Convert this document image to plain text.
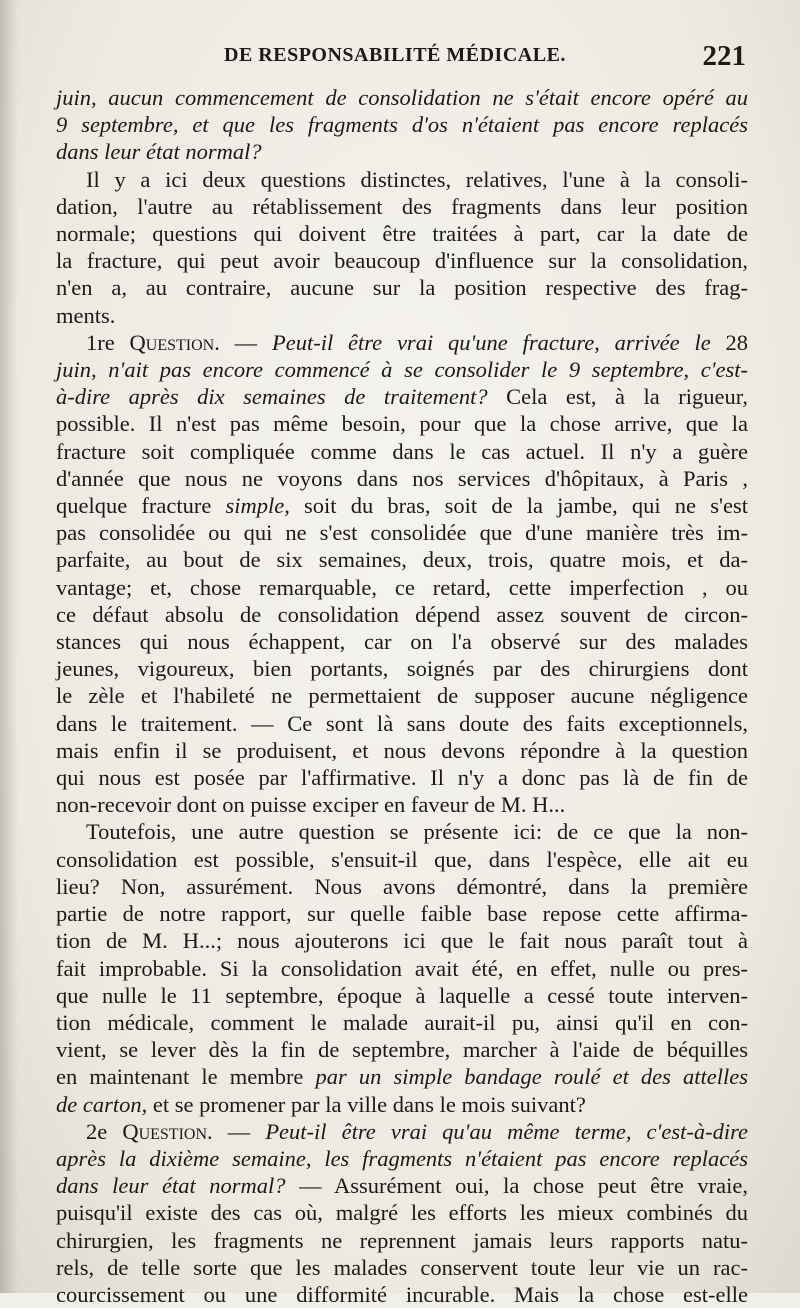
DE RESPONSABILITÉ MÉDICALE.	221
juin, aucun commencement de consolidation ne s'était encore opéré au
9 septembre, et que les fragments d'os n'étaient pas encore replacés
dans leur état normal?
Il y a ici deux questions distinctes, relatives, l'une à la consoli-
dation, l'autre au rétablissement des fragments dans leur position
normale; questions qui doivent être traitées à part, car la date de
la fracture, qui peut avoir beaucoup d'influence sur la consolidation,
n'en a, au contraire, aucune sur la position respective des frag-
ments.
1re Question. — Peut-il être vrai qu'une fracture, arrivée le 28
juin, n'ait pas encore commencé à se consolider le 9 septembre, c'est-
à-dire après dix semaines de traitement? Cela est, à la rigueur,
possible. Il n'est pas même besoin, pour que la chose arrive, que la
fracture soit compliquée comme dans le cas actuel. Il n'y a guère
d'année que nous ne voyons dans nos services d'hôpitaux, à Paris ,
quelque fracture simple, soit du bras, soit de la jambe, qui ne s'est
pas consolidée ou qui ne s'est consolidée que d'une manière très im-
parfaite, au bout de six semaines, deux, trois, quatre mois, et da-
vantage; et, chose remarquable, ce retard, cette imperfection , ou
ce défaut absolu de consolidation dépend assez souvent de circon-
stances qui nous échappent, car on l'a observé sur des malades
jeunes, vigoureux, bien portants, soignés par des chirurgiens dont
le zèle et l'habileté ne permettaient de supposer aucune négligence
dans le traitement. — Ce sont là sans doute des faits exceptionnels,
mais enfin il se produisent, et nous devons répondre à la question
qui nous est posée par l'affirmative. Il n'y a donc pas là de fin de
non-recevoir dont on puisse exciper en faveur de M. H...
Toutefois, une autre question se présente ici: de ce que la non-
consolidation est possible, s'ensuit-il que, dans l'espèce, elle ait eu
lieu? Non, assurément. Nous avons démontré, dans la première
partie de notre rapport, sur quelle faible base repose cette affirma-
tion de M. H...; nous ajouterons ici que le fait nous paraît tout à
fait improbable. Si la consolidation avait été, en effet, nulle ou pres-
que nulle le 11 septembre, époque à laquelle a cessé toute interven-
tion médicale, comment le malade aurait-il pu, ainsi qu'il en con-
vient, se lever dès la fin de septembre, marcher à l'aide de béquilles
en maintenant le membre par un simple bandage roulé et des attelles
de carton, et se promener par la ville dans le mois suivant?
2e Question. — Peut-il être vrai qu'au même terme, c'est-à-dire
après la dixième semaine, les fragments n'étaient pas encore replacés
dans leur état normal? — Assurément oui, la chose peut être vraie,
puisqu'il existe des cas où, malgré les efforts les mieux combinés du
chirurgien, les fragments ne reprennent jamais leurs rapports natu-
rels, de telle sorte que les malades conservent toute leur vie un rac-
courcissement ou une difformité incurable. Mais la chose est-elle
